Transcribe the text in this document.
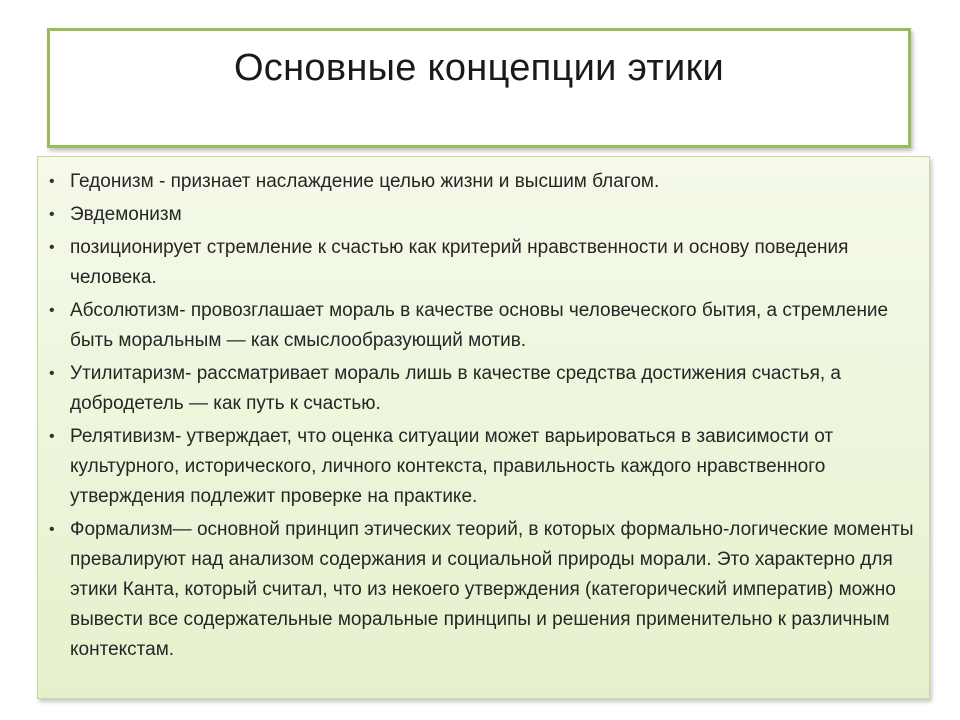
Основные концепции этики
• Гедонизм - признает наслаждение целью жизни и высшим благом.
• Эвдемонизм
• позиционирует стремление к счастью как критерий нравственности и основу поведения человека.
• Абсолютизм- провозглашает мораль в качестве основы человеческого бытия, а стремление быть моральным — как смыслообразующий мотив.
• Утилитаризм- рассматривает мораль лишь в качестве средства достижения счастья, а добродетель — как путь к счастью.
• Релятивизм- утверждает, что оценка ситуации может варьироваться в зависимости от культурного, исторического, личного контекста, правильность каждого нравственного утверждения подлежит проверке на практике.
• Формализм— основной принцип этических теорий, в которых формально-логические моменты превалируют над анализом содержания и социальной природы морали. Это характерно для этики Канта, который считал, что из некоего утверждения (категорический императив) можно вывести все содержательные моральные принципы и решения применительно к различным контекстам.
